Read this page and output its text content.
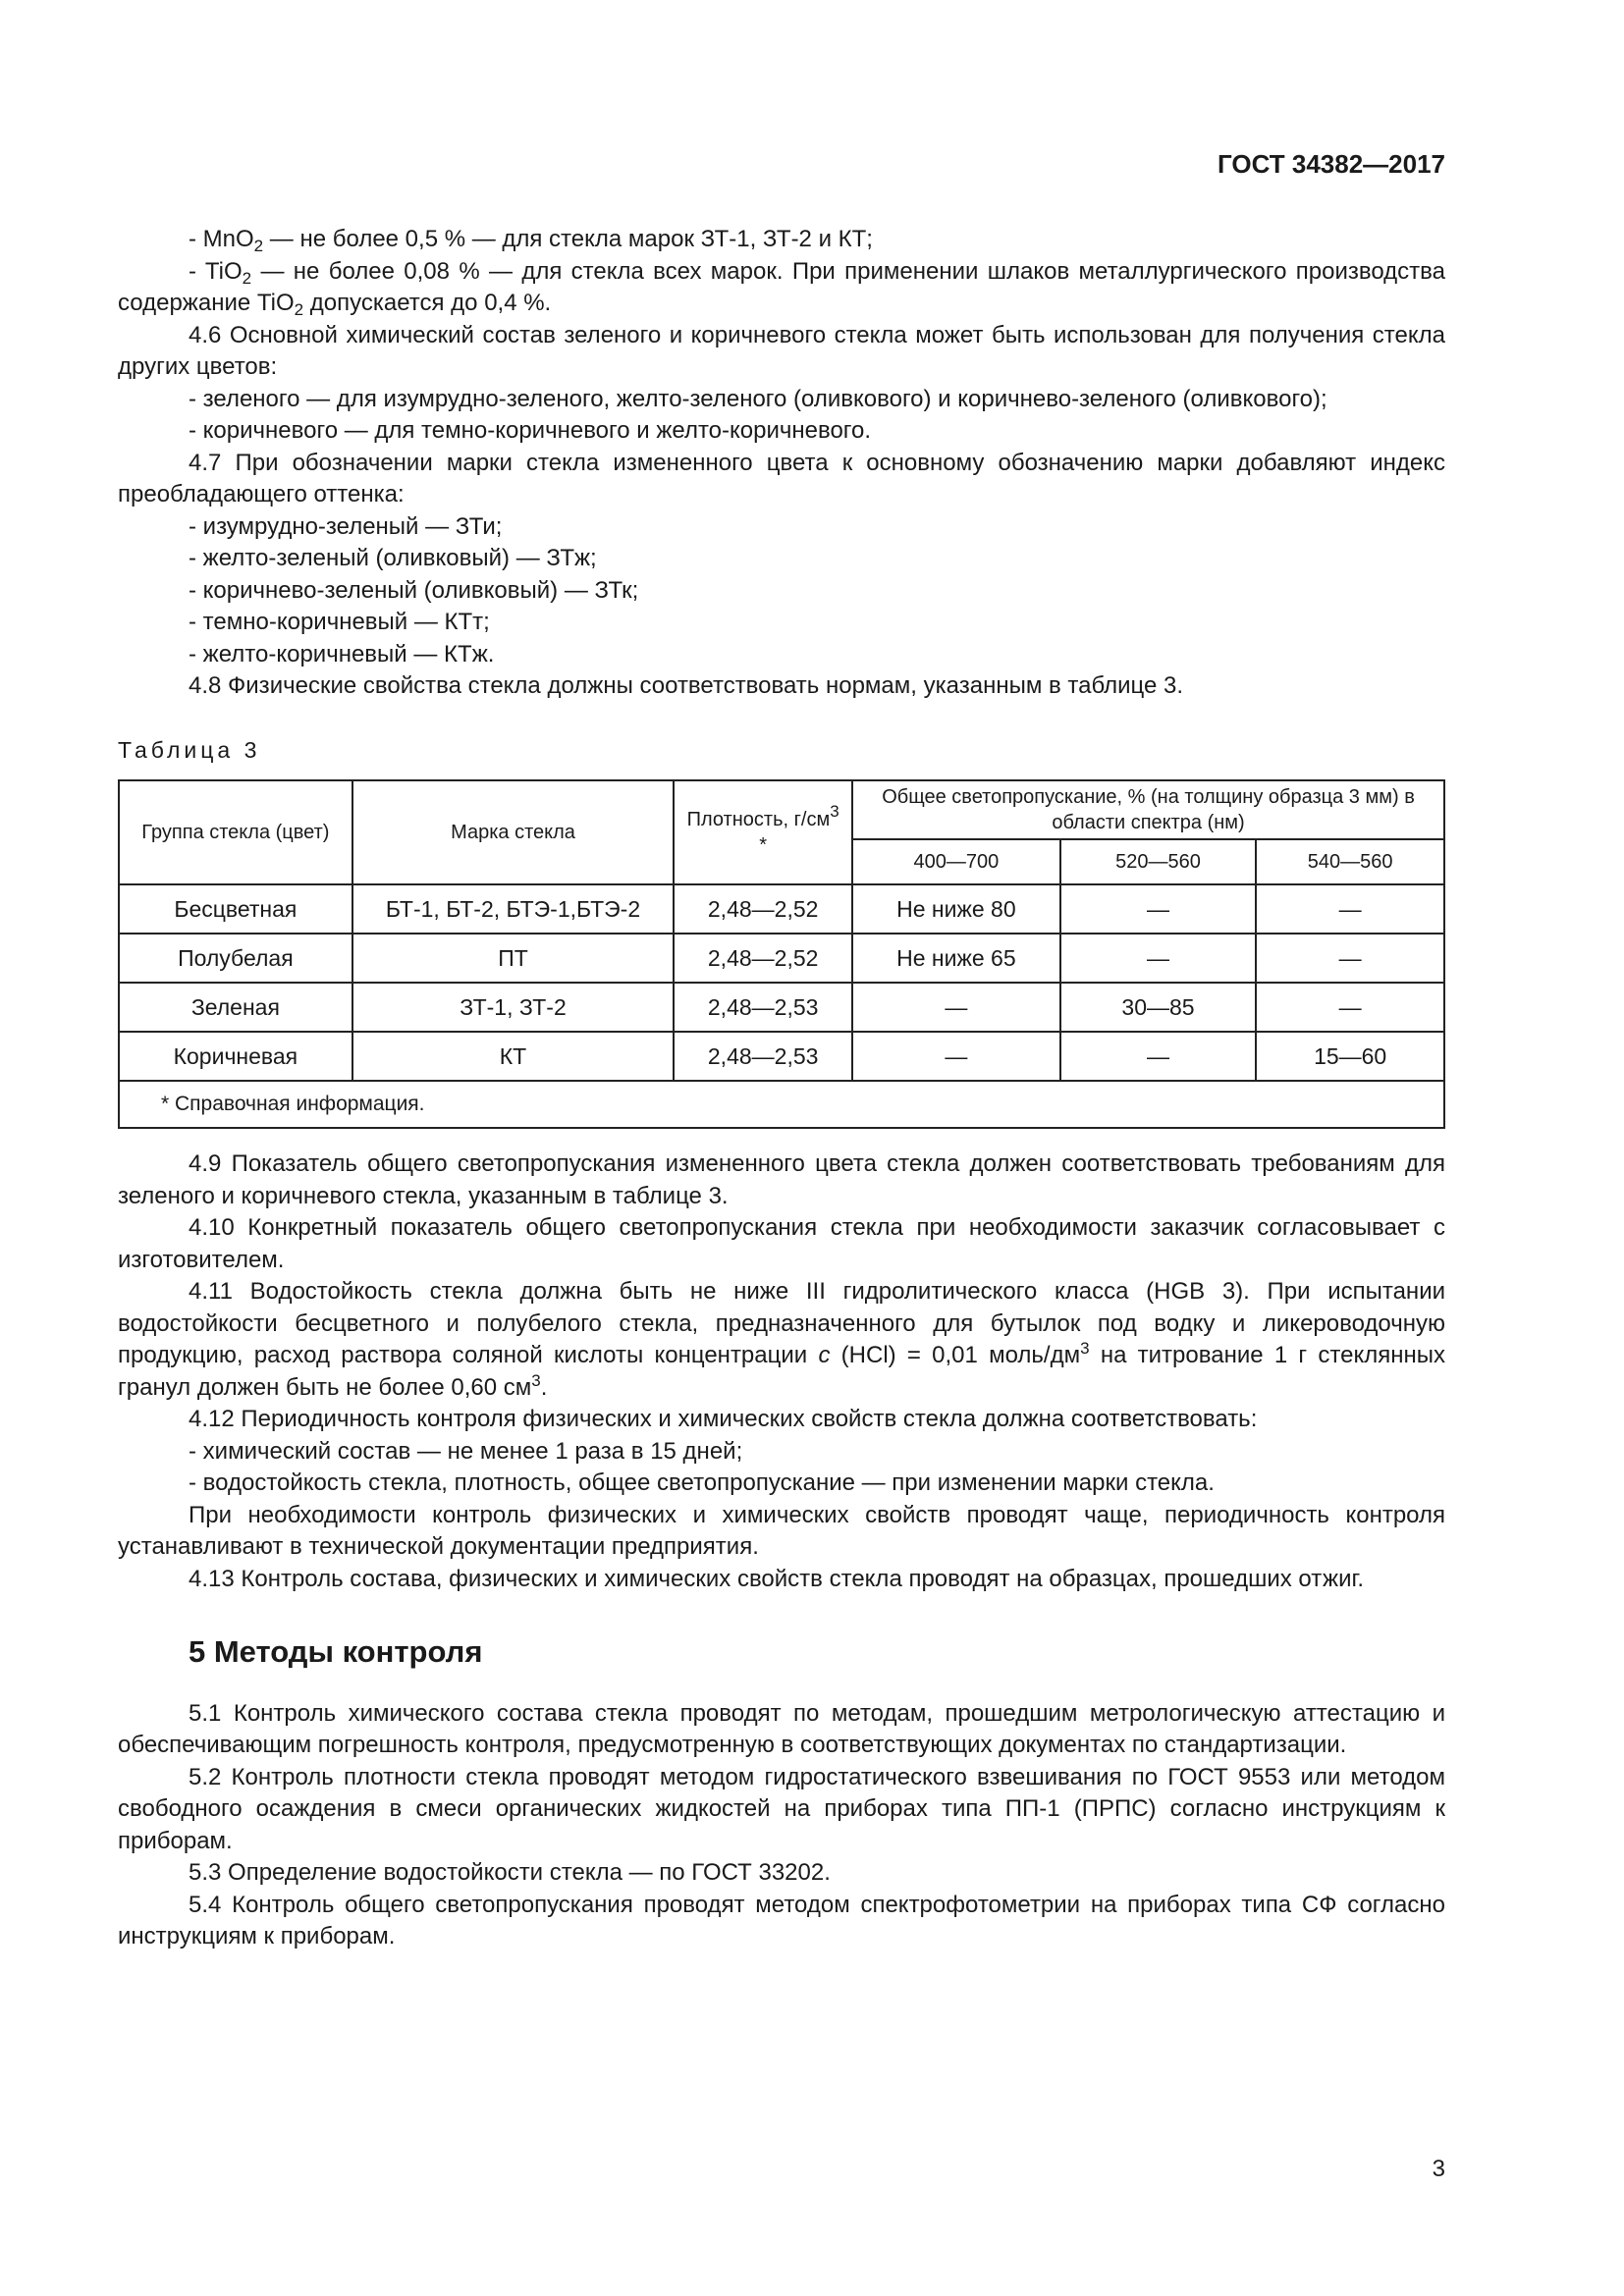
ГОСТ 34382—2017

- MnO$_2$ — не более 0,5 % — для стекла марок ЗТ-1, ЗТ-2 и КТ;

- TiO$_2$ — не более 0,08 % — для стекла всех марок. При применении шлаков металлургического производства содержание TiO$_2$ допускается до 0,4 %.

4.6 Основной химический состав зеленого и коричневого стекла может быть использован для получения стекла других цветов:

- зеленого — для изумрудно-зеленого, желто-зеленого (оливкового) и коричнево-зеленого (оливкового);

- коричневого — для темно-коричневого и желто-коричневого.

4.7 При обозначении марки стекла измененного цвета к основному обозначению марки добавляют индекс преобладающего оттенка:

- изумрудно-зеленый — ЗТи;

- желто-зеленый (оливковый) — ЗТж;

- коричнево-зеленый (оливковый) — ЗТк;

- темно-коричневый — КТт;

- желто-коричневый — КТж.

4.8 Физические свойства стекла должны соответствовать нормам, указанным в таблице 3.

Таблица 3
Группа стекла (цвет)	Марка стекла	Плотность, $г/см^3$ *	Общее светопропускание, % (на толщину образца 3 мм) в области спектра (нм)		
			400—700	520—560	540—560
Бесцветная	БТ-1, БТ-2, БТЭ-1,БТЭ-2	2,48—2,52	Не ниже 80	—	—
Полубелая	ПТ	2,48—2,52	Не ниже 65	—	—
Зеленая	ЗТ-1, ЗТ-2	2,48—2,53	—	30—85	—
Коричневая	КТ	2,48—2,53	—	—	15—60
* Справочная информация.					

4.9 Показатель общего светопропускания измененного цвета стекла должен соответствовать требованиям для зеленого и коричневого стекла, указанным в таблице 3.

4.10 Конкретный показатель общего светопропускания стекла при необходимости заказчик согласовывает с изготовителем.

4.11 Водостойкость стекла должна быть не ниже III гидролитического класса (HGB 3). При испытании водостойкости бесцветного и полубелого стекла, предназначенного для бутылок под водку и ликероводочную продукцию, расход раствора соляной кислоты концентрации с (HCl) = 0,01 моль/$дм^3$ на титрование 1 г стеклянных гранул должен быть не более 0,60 $см^3$.

4.12 Периодичность контроля физических и химических свойств стекла должна соответствовать:

- химический состав — не менее 1 раза в 15 дней;

- водостойкость стекла, плотность, общее светопропускание — при изменении марки стекла.

При необходимости контроль физических и химических свойств проводят чаще, периодичность контроля устанавливают в технической документации предприятия.

4.13 Контроль состава, физических и химических свойств стекла проводят на образцах, прошедших отжиг.

5 Методы контроля

5.1 Контроль химического состава стекла проводят по методам, прошедшим метрологическую аттестацию и обеспечивающим погрешность контроля, предусмотренную в соответствующих документах по стандартизации.

5.2 Контроль плотности стекла проводят методом гидростатического взвешивания по ГОСТ 9553 или методом свободного осаждения в смеси органических жидкостей на приборах типа ПП-1 (ПРПС) согласно инструкциям к приборам.

5.3 Определение водостойкости стекла — по ГОСТ 33202.

5.4 Контроль общего светопропускания проводят методом спектрофотометрии на приборах типа СФ согласно инструкциям к приборам.

3
